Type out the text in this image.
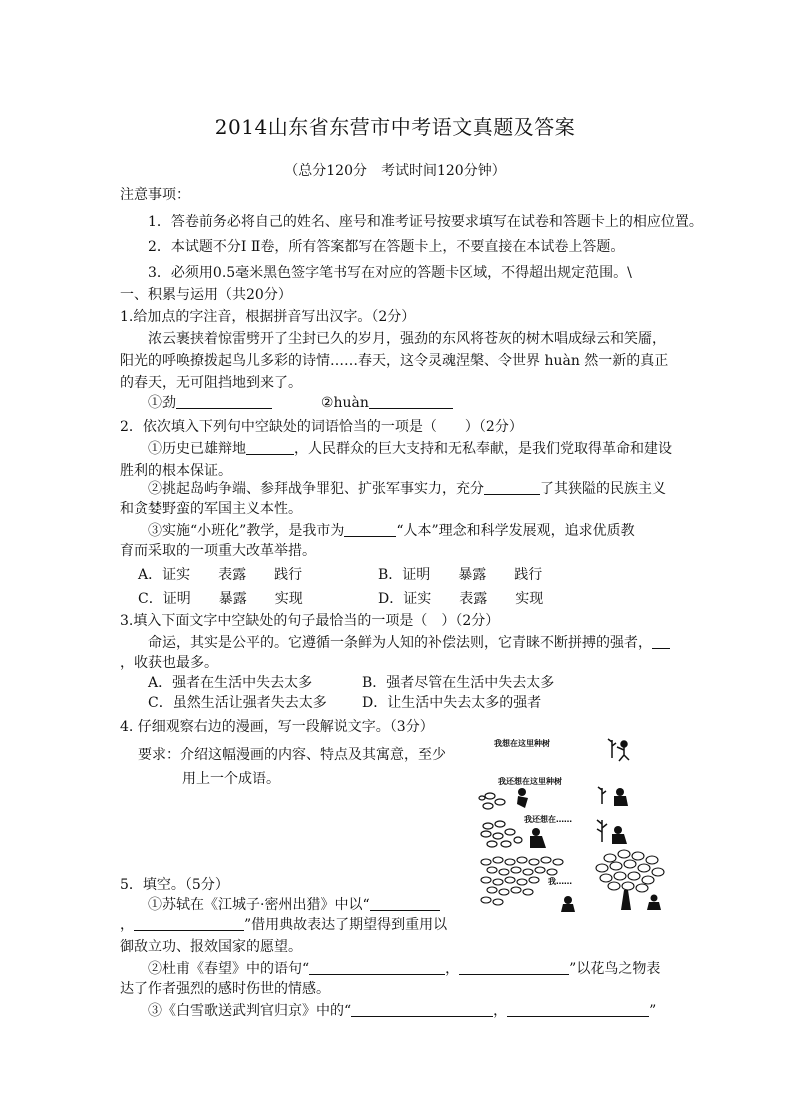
2014山东省东营市中考语文真题及答案
（总分120分　考试时间120分钟）
注意事项：
1．答卷前务必将自己的姓名、座号和准考证号按要求填写在试卷和答题卡上的相应位置。
2．本试题不分Ⅰ Ⅱ卷，所有答案都写在答题卡上，不要直接在本试卷上答题。
3．必须用0.5毫米黑色签字笔书写在对应的答题卡区域，不得超出规定范围。\
一、积累与运用（共20分）
1.给加点的字注音，根据拼音写出汉字。（2分）
浓云裹挟着惊雷劈开了尘封已久的岁月，强劲的东风将苍灰的树木唱成绿云和笑靥，
阳光的呼唤撩拨起鸟儿多彩的诗情……春天，这令灵魂涅槃、令世界 huàn 然一新的真正
的春天，无可阻挡地到来了。
①劲	②huàn
2．依次填入下列句中空缺处的词语恰当的一项是（　　）（2分）
①历史已雄辩地	，人民群众的巨大支持和无私奉献，是我们党取得革命和建设
胜利的根本保证。
②挑起岛屿争端、参拜战争罪犯、扩张军事实力，充分	了其狭隘的民族主义
和贪婪野蛮的军国主义本性。
③实施“小班化”教学，是我市为	“人本”理念和科学发展观，追求优质教
育而采取的一项重大改革举措。
A．证实　　表露　　践行	B．证明　　暴露　　践行
C．证明　　暴露　　实现	D．证实　　表露　　实现
3.填入下面文字中空缺处的句子最恰当的一项是（　）（2分）
命运，其实是公平的。它遵循一条鲜为人知的补偿法则，它青睐不断拼搏的强者，
，收获也最多。
A．强者在生活中失去太多	B．强者尽管在生活中失去太多
C．虽然生活让强者失去太多	D．让生活中失去太多的强者
4. 仔细观察右边的漫画，写一段解说文字。（3分）
要求：介绍这幅漫画的内容、特点及其寓意，至少
用上一个成语。
我想在这里种树
我还想在这里种树
我还想在……
我……
5．填空。（5分）
①苏轼在《江城子·密州出猎》中以“
，	”借用典故表达了期望得到重用以
御敌立功、报效国家的愿望。
②杜甫《春望》中的语句“	，	”以花鸟之物表
达了作者强烈的感时伤世的情感。
③《白雪歌送武判官归京》中的“	，	”
